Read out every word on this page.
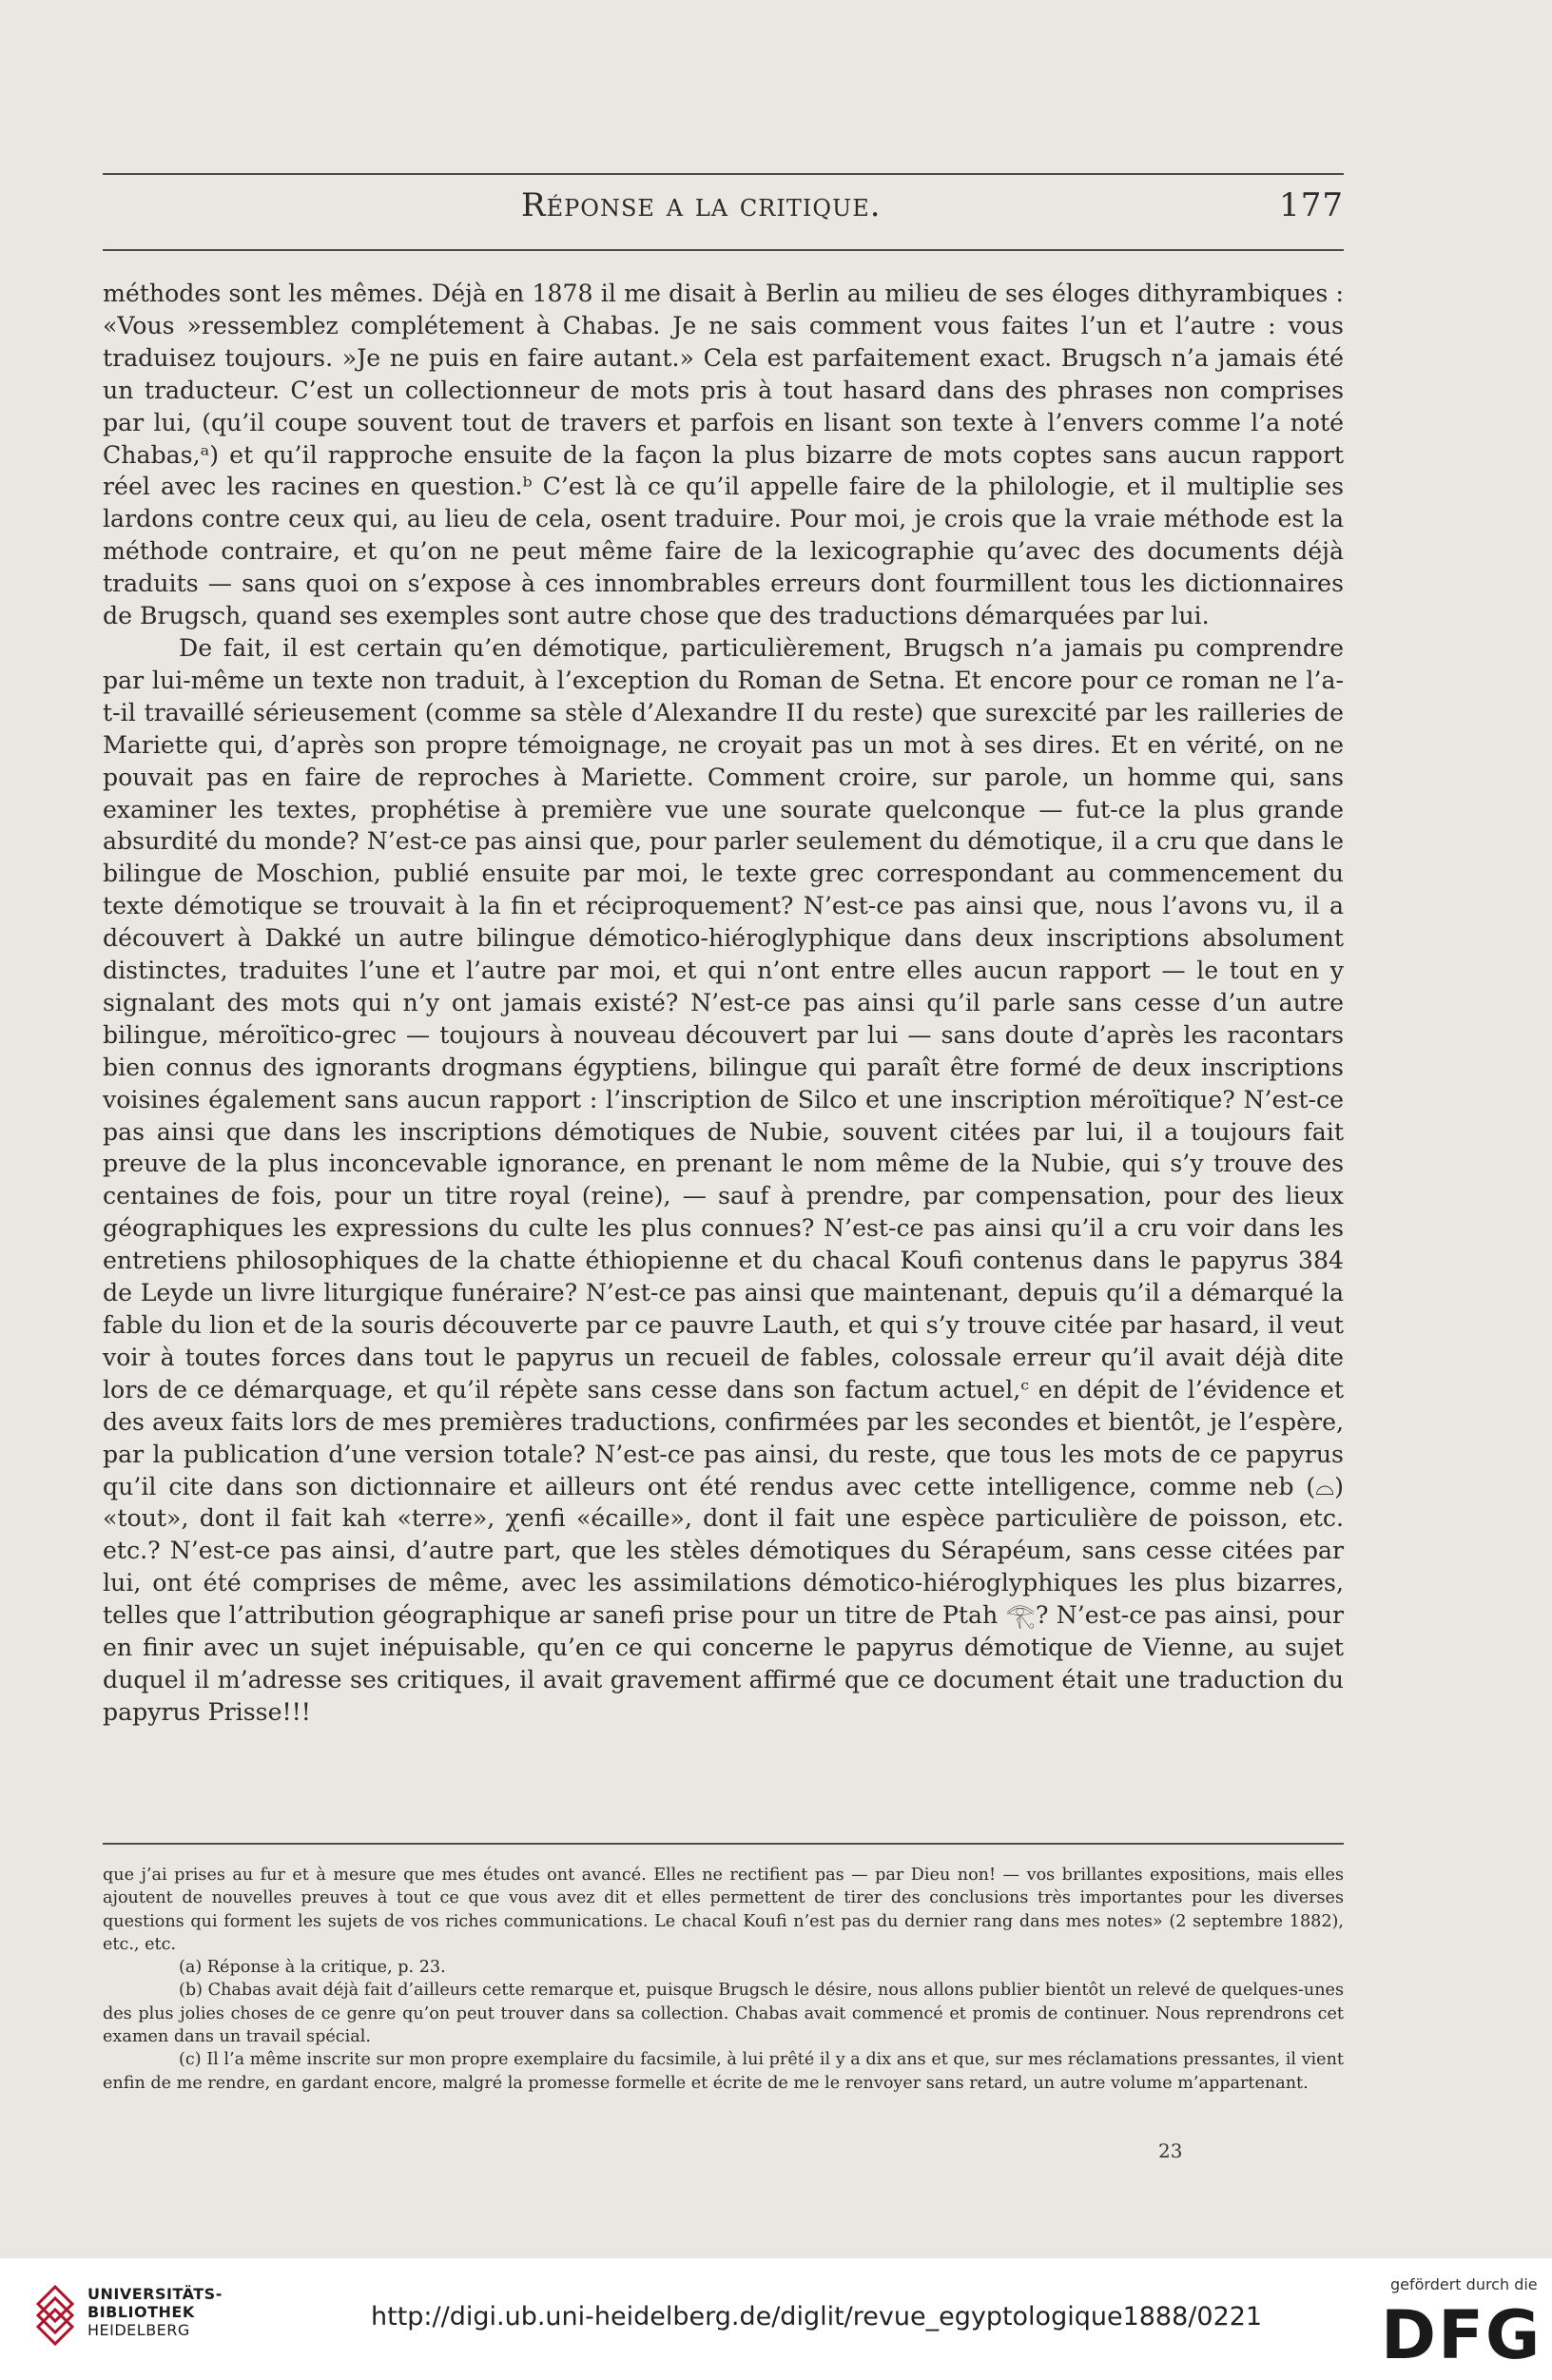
Réponse a la critique.	177

méthodes sont les mêmes. Déjà en 1878 il me disait à Berlin au milieu de ses éloges dithyrambiques : «Vous »ressemblez complétement à Chabas. Je ne sais comment vous faites l’un et l’autre : vous traduisez toujours. »Je ne puis en faire autant.» Cela est parfaitement exact. Brugsch n’a jamais été un traducteur. C’est un collectionneur de mots pris à tout hasard dans des phrases non comprises par lui, (qu’il coupe souvent tout de travers et parfois en lisant son texte à l’envers comme l’a noté Chabas,ᵃ) et qu’il rapproche ensuite de la façon la plus bizarre de mots coptes sans aucun rapport réel avec les racines en question.ᵇ C’est là ce qu’il appelle faire de la philologie, et il multiplie ses lardons contre ceux qui, au lieu de cela, osent traduire. Pour moi, je crois que la vraie méthode est la méthode contraire, et qu’on ne peut même faire de la lexicographie qu’avec des documents déjà traduits — sans quoi on s’expose à ces innombrables erreurs dont fourmillent tous les dictionnaires de Brugsch, quand ses exemples sont autre chose que des traductions démarquées par lui.

De fait, il est certain qu’en démotique, particulièrement, Brugsch n’a jamais pu comprendre par lui-même un texte non traduit, à l’exception du Roman de Setna. Et encore pour ce roman ne l’a-t-il travaillé sérieusement (comme sa stèle d’Alexandre II du reste) que surexcité par les railleries de Mariette qui, d’après son propre témoignage, ne croyait pas un mot à ses dires. Et en vérité, on ne pouvait pas en faire de reproches à Mariette. Comment croire, sur parole, un homme qui, sans examiner les textes, prophétise à première vue une sourate quelconque — fut-ce la plus grande absurdité du monde? N’est-ce pas ainsi que, pour parler seulement du démotique, il a cru que dans le bilingue de Moschion, publié ensuite par moi, le texte grec correspondant au commencement du texte démotique se trouvait à la fin et réciproquement? N’est-ce pas ainsi que, nous l’avons vu, il a découvert à Dakké un autre bilingue démotico-hiéroglyphique dans deux inscriptions absolument distinctes, traduites l’une et l’autre par moi, et qui n’ont entre elles aucun rapport — le tout en y signalant des mots qui n’y ont jamais existé? N’est-ce pas ainsi qu’il parle sans cesse d’un autre bilingue, méroïtico-grec — toujours à nouveau découvert par lui — sans doute d’après les racontars bien connus des ignorants drogmans égyptiens, bilingue qui paraît être formé de deux inscriptions voisines également sans aucun rapport : l’inscription de Silco et une inscription méroïtique? N’est-ce pas ainsi que dans les inscriptions démotiques de Nubie, souvent citées par lui, il a toujours fait preuve de la plus inconcevable ignorance, en prenant le nom même de la Nubie, qui s’y trouve des centaines de fois, pour un titre royal (reine), — sauf à prendre, par compensation, pour des lieux géographiques les expressions du culte les plus connues? N’est-ce pas ainsi qu’il a cru voir dans les entretiens philosophiques de la chatte éthiopienne et du chacal Koufi contenus dans le papyrus 384 de Leyde un livre liturgique funéraire? N’est-ce pas ainsi que maintenant, depuis qu’il a démarqué la fable du lion et de la souris découverte par ce pauvre Lauth, et qui s’y trouve citée par hasard, il veut voir à toutes forces dans tout le papyrus un recueil de fables, colossale erreur qu’il avait déjà dite lors de ce démarquage, et qu’il répète sans cesse dans son factum actuel,ᶜ en dépit de l’évidence et des aveux faits lors de mes premières traductions, confirmées par les secondes et bientôt, je l’espère, par la publication d’une version totale? N’est-ce pas ainsi, du reste, que tous les mots de ce papyrus qu’il cite dans son dictionnaire et ailleurs ont été rendus avec cette intelligence, comme neb (⌓) «tout», dont il fait kah «terre», χenfi «écaille», dont il fait une espèce particulière de poisson, etc. etc.? N’est-ce pas ainsi, d’autre part, que les stèles démotiques du Sérapéum, sans cesse citées par lui, ont été comprises de même, avec les assimilations démotico-hiéroglyphiques les plus bizarres, telles que l’attribution géographique ar sanefi prise pour un titre de Ptah 𓂀? N’est-ce pas ainsi, pour en finir avec un sujet inépuisable, qu’en ce qui concerne le papyrus démotique de Vienne, au sujet duquel il m’adresse ses critiques, il avait gravement affirmé que ce document était une traduction du papyrus Prisse!!!

que j’ai prises au fur et à mesure que mes études ont avancé. Elles ne rectifient pas — par Dieu non! — vos brillantes expositions, mais elles ajoutent de nouvelles preuves à tout ce que vous avez dit et elles permettent de tirer des conclusions très importantes pour les diverses questions qui forment les sujets de vos riches communications. Le chacal Koufi n’est pas du dernier rang dans mes notes» (2 septembre 1882), etc., etc.

(a) Réponse à la critique, p. 23.

(b) Chabas avait déjà fait d’ailleurs cette remarque et, puisque Brugsch le désire, nous allons publier bientôt un relevé de quelques-unes des plus jolies choses de ce genre qu’on peut trouver dans sa collection. Chabas avait commencé et promis de continuer. Nous reprendrons cet examen dans un travail spécial.

(c) Il l’a même inscrite sur mon propre exemplaire du facsimile, à lui prêté il y a dix ans et que, sur mes réclamations pressantes, il vient enfin de me rendre, en gardant encore, malgré la promesse formelle et écrite de me le renvoyer sans retard, un autre volume m’appartenant.

23
UNIVERSITÄTS-
BIBLIOTHEK
HEIDELBERG	http://digi.ub.uni-heidelberg.de/diglit/revue_egyptologique1888/0221
gefördert durch die
DFG
